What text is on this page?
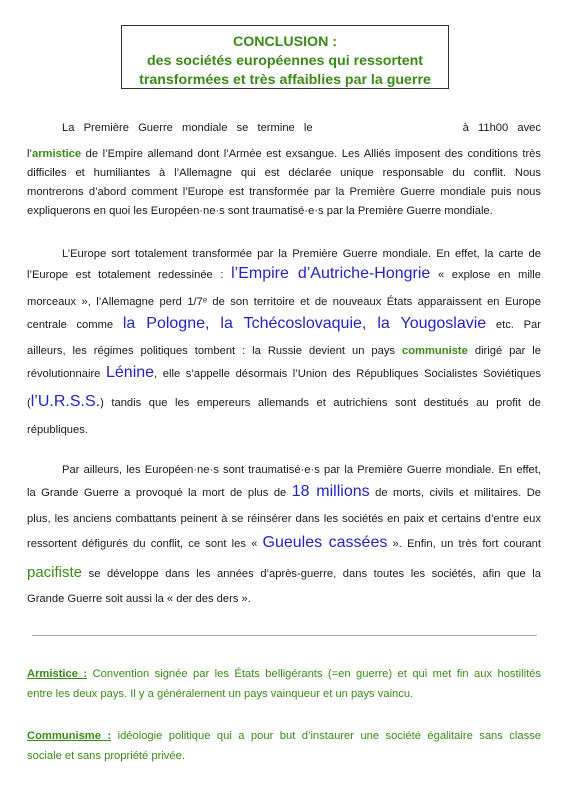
CONCLUSION :
des sociétés européennes qui ressortent
transformées et très affaiblies par la guerre
La Première Guerre mondiale se termine le	à 11h00 avec
l’armistice de l’Empire allemand dont l’Armée est exsangue. Les Alliés imposent des conditions très
difficiles et humiliantes à l’Allemagne qui est déclarée unique responsable du conflit. Nous
montrerons d’abord comment l’Europe est transformée par la Première Guerre mondiale puis nous
expliquerons en quoi les Européen·ne·s sont traumatisé·e·s par la Première Guerre mondiale.
L’Europe sort totalement transformée par la Première Guerre mondiale. En effet, la carte de
l’Europe est totalement redessinée : l’Empire d’Autriche-Hongrie « explose en mille
morceaux », l’Allemagne perd 1/7ᵉ de son territoire et de nouveaux États apparaissent en Europe
centrale comme la Pologne, la Tchécoslovaquie, la Yougoslavie etc. Par
ailleurs, les régimes politiques tombent : la Russie devient un pays communiste dirigé par le
révolutionnaire Lénine, elle s’appelle désormais l’Union des Républiques Socialistes Soviétiques
(l’U.R.S.S.) tandis que les empereurs allemands et autrichiens sont destitués au profit de
républiques.
Par ailleurs, les Européen·ne·s sont traumatisé·e·s par la Première Guerre mondiale. En effet,
la Grande Guerre a provoqué la mort de plus de 18 millions de morts, civils et militaires. De
plus, les anciens combattants peinent à se réinsérer dans les sociétés en paix et certains d’entre eux
ressortent défigurés du conflit, ce sont les « Gueules cassées ». Enfin, un très fort courant
pacifiste se développe dans les années d’après-guerre, dans toutes les sociétés, afin que la
Grande Guerre soit aussi la « der des ders ».
Armistice : Convention signée par les États belligérants (=en guerre) et qui met fin aux hostilités
entre les deux pays. Il y a généralement un pays vainqueur et un pays vaincu.
Communisme : idéologie politique qui a pour but d’instaurer une société égalitaire sans classe
sociale et sans propriété privée.
